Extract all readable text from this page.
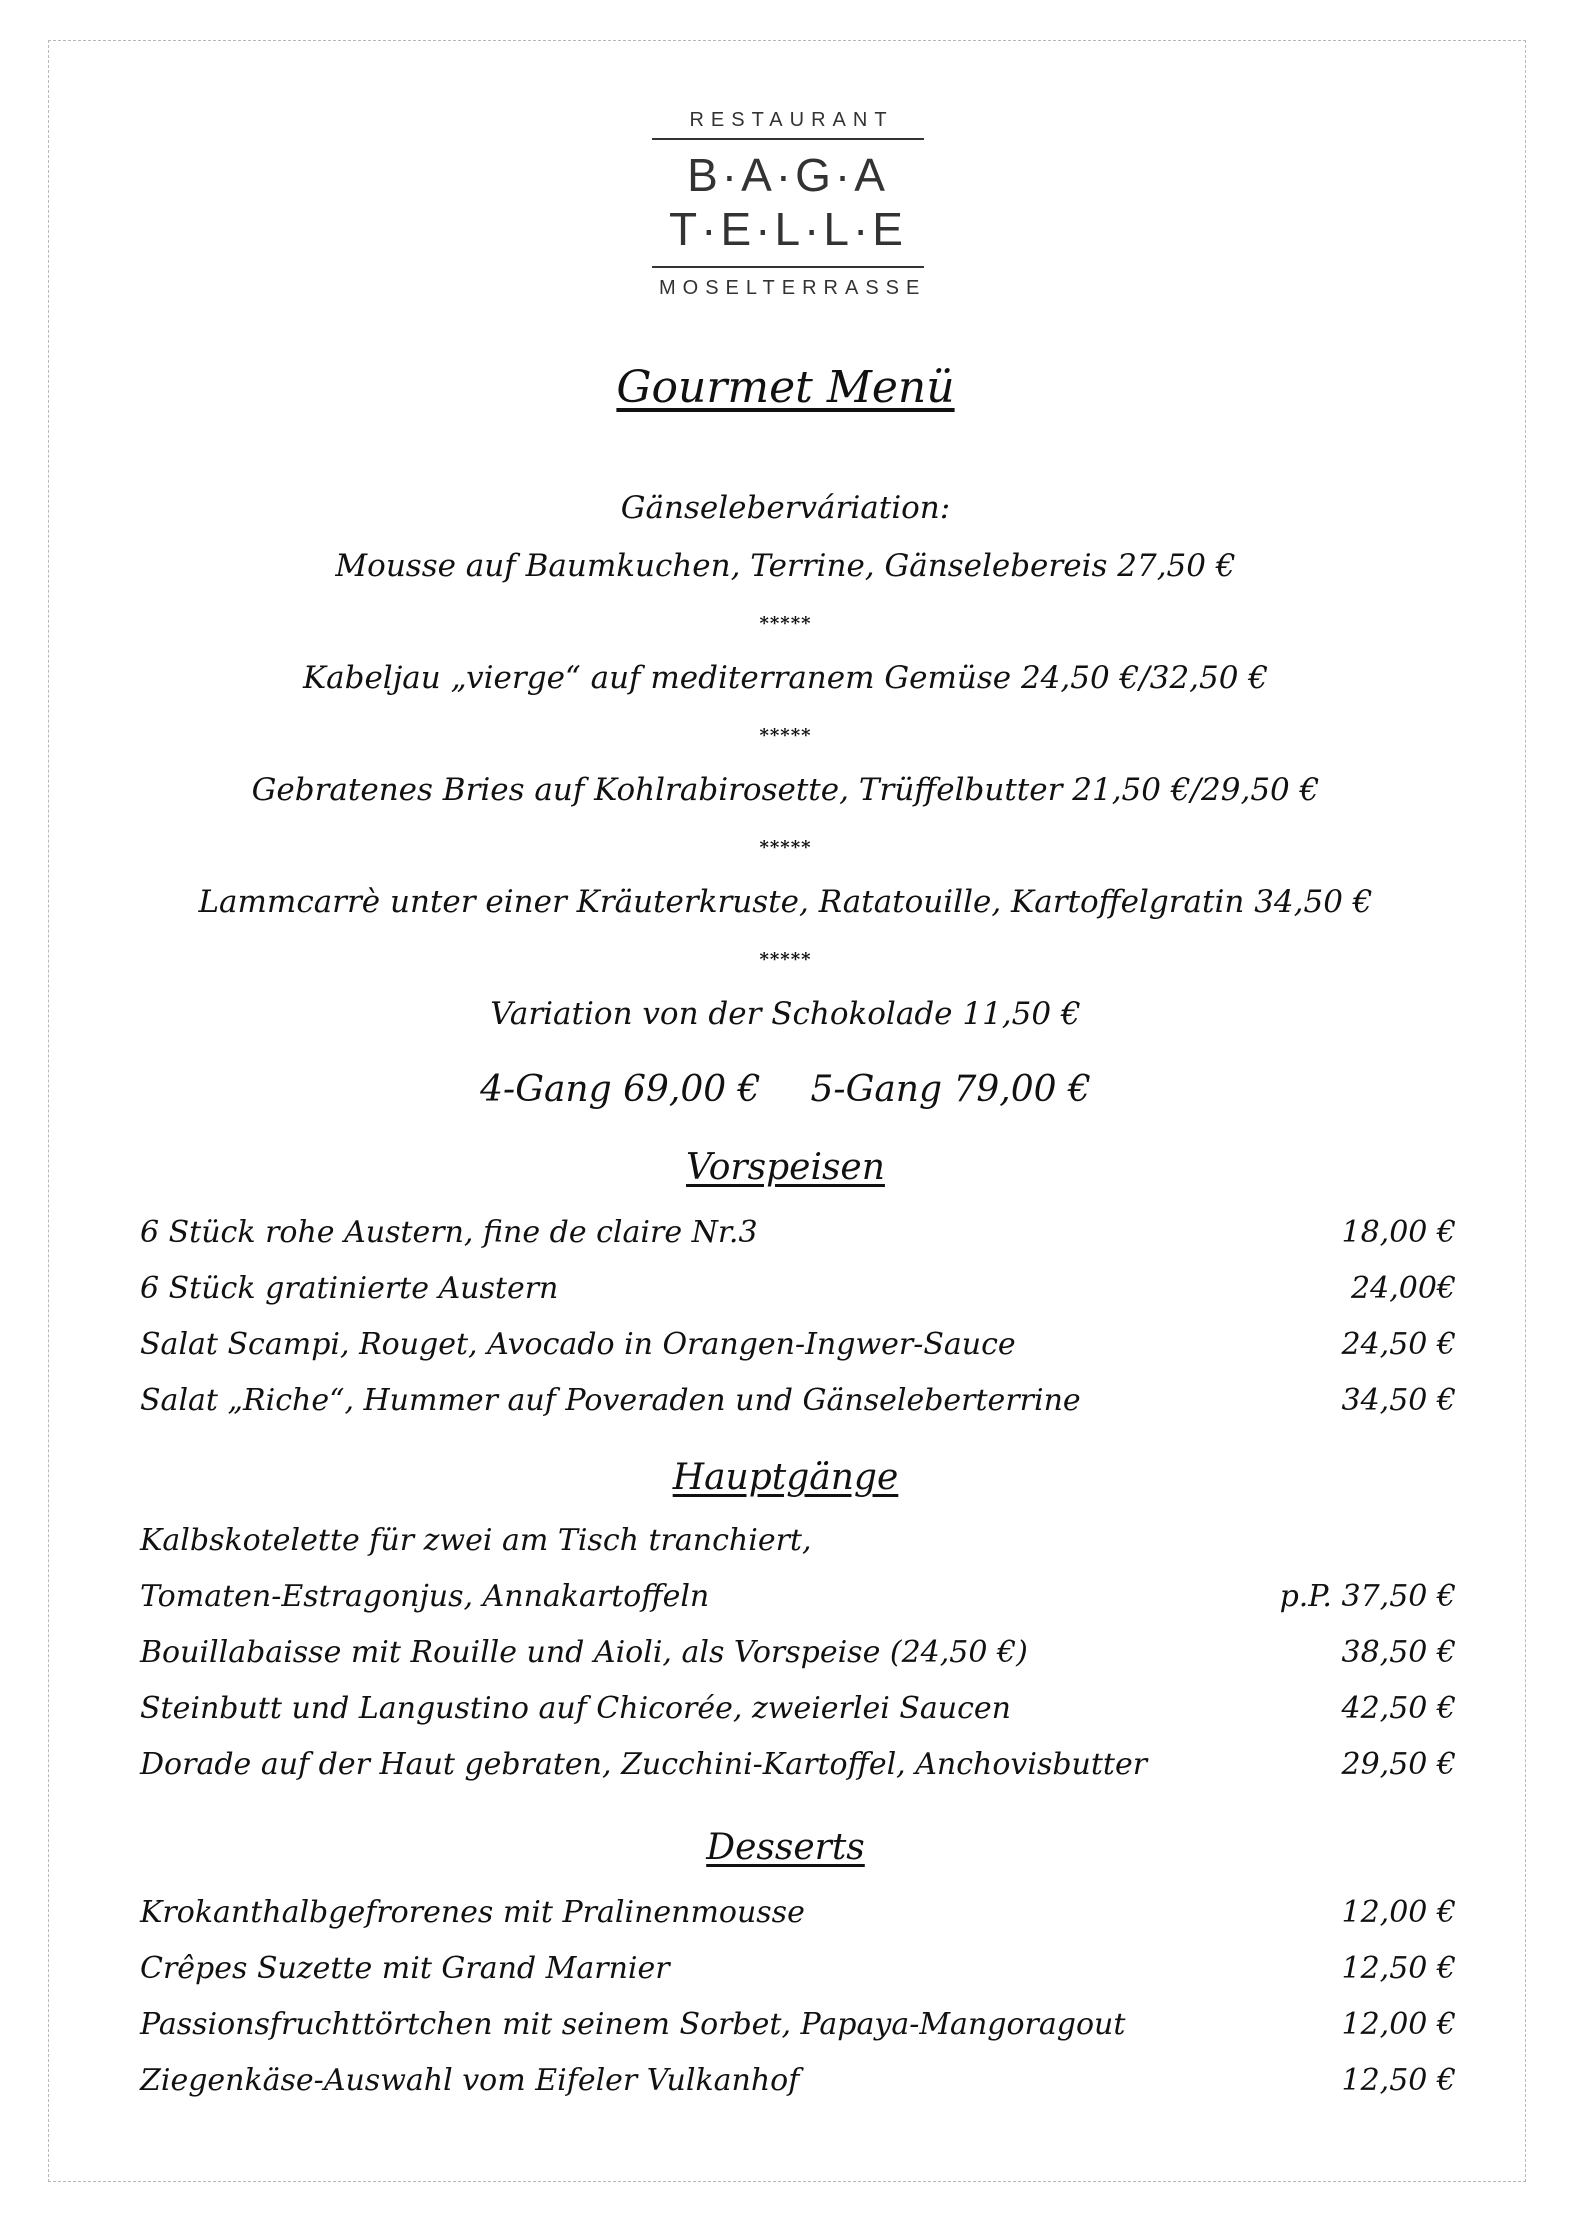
RESTAURANT
B·A·G·A
T·E·L·L·E
MOSELTERRASSE
Gourmet Menü
Gänseleberváriation:
Mousse auf Baumkuchen, Terrine, Gänselebereis 27,50 €
*****
Kabeljau „vierge“ auf mediterranem Gemüse 24,50 €/32,50 €
*****
Gebratenes Bries auf Kohlrabirosette, Trüffelbutter 21,50 €/29,50 €
*****
Lammcarrè unter einer Kräuterkruste, Ratatouille, Kartoffelgratin 34,50 €
*****
Variation von der Schokolade 11,50 €
4-Gang 69,00 € 5-Gang 79,00 €
Vorspeisen
6 Stück rohe Austern, fine de claire Nr.3	18,00 €
6 Stück gratinierte Austern	24,00€
Salat Scampi, Rouget, Avocado in Orangen-Ingwer-Sauce	24,50 €
Salat „Riche“, Hummer auf Poveraden und Gänseleberterrine	34,50 €
Hauptgänge
Kalbskotelette für zwei am Tisch tranchiert,
Tomaten-Estragonjus, Annakartoffeln	p.P. 37,50 €
Bouillabaisse mit Rouille und Aioli, als Vorspeise (24,50 €)	38,50 €
Steinbutt und Langustino auf Chicorée, zweierlei Saucen	42,50 €
Dorade auf der Haut gebraten, Zucchini-Kartoffel, Anchovisbutter	29,50 €
Desserts
Krokanthalbgefrorenes mit Pralinenmousse	12,00 €
Crêpes Suzette mit Grand Marnier	12,50 €
Passionsfruchttörtchen mit seinem Sorbet, Papaya-Mangoragout	12,00 €
Ziegenkäse-Auswahl vom Eifeler Vulkanhof	12,50 €
